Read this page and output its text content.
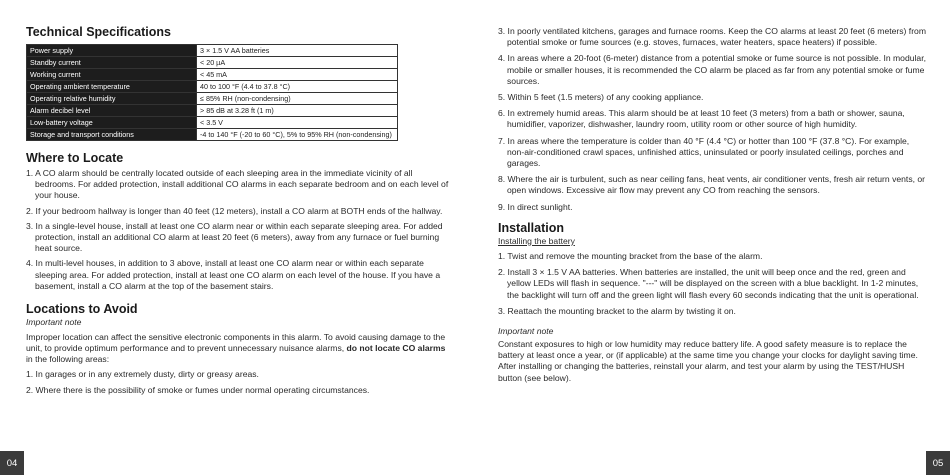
Technical Specifications
Power supply	3 × 1.5 V AA batteries
Standby current	< 20 µA
Working current	< 45 mA
Operating ambient temperature	40 to 100 °F (4.4 to 37.8 °C)
Operating relative humidity	≤ 85% RH (non-condensing)
Alarm decibel level	> 85 dB at 3.28 ft (1 m)
Low-battery voltage	< 3.5 V
Storage and transport conditions	-4 to 140 °F (-20 to 60 °C), 5% to 95% RH (non-condensing)
Where to Locate

1. A CO alarm should be centrally located outside of each sleeping area in the immediate vicinity of all bedrooms. For added protection, install additional CO alarms in each separate bedroom and on each level of your house.

2. If your bedroom hallway is longer than 40 feet (12 meters), install a CO alarm at BOTH ends of the hallway.

3. In a single-level house, install at least one CO alarm near or within each separate sleeping area. For added protection, install an additional CO alarm at least 20 feet (6 meters), away from any furnace or fuel burning heat source.

4. In multi-level houses, in addition to 3 above, install at least one CO alarm near or within each separate sleeping area. For added protection, install at least one CO alarm on each level of the house. If you have a basement, install a CO alarm at the top of the basement stairs.

Locations to Avoid

Important note

Improper location can affect the sensitive electronic components in this alarm. To avoid causing damage to the unit, to provide optimum performance and to prevent unnecessary nuisance alarms, do not locate CO alarms in the following areas:

1. In garages or in any extremely dusty, dirty or greasy areas.

2. Where there is the possibility of smoke or fumes under normal operating circumstances.

3. In poorly ventilated kitchens, garages and furnace rooms. Keep the CO alarms at least 20 feet (6 meters) from potential smoke or fume sources (e.g. stoves, furnaces, water heaters, space heaters) if possible.

4. In areas where a 20-foot (6-meter) distance from a potential smoke or fume source is not possible. In modular, mobile or smaller houses, it is recommended the CO alarm be placed as far from any potential smoke or fume sources.

5. Within 5 feet (1.5 meters) of any cooking appliance.

6. In extremely humid areas. This alarm should be at least 10 feet (3 meters) from a bath or shower, sauna, humidifier, vaporizer, dishwasher, laundry room, utility room or other source of high humidity.

7. In areas where the temperature is colder than 40 °F (4.4 °C) or hotter than 100 °F (37.8 °C). For example, non-air-conditioned crawl spaces, unfinished attics, uninsulated or poorly insulated ceilings, porches and garages.

8. Where the air is turbulent, such as near ceiling fans, heat vents, air conditioner vents, fresh air return vents, or open windows. Excessive air flow may prevent any CO from reaching the sensors.

9. In direct sunlight.

Installation

Installing the battery

1. Twist and remove the mounting bracket from the base of the alarm.

2. Install 3 × 1.5 V AA batteries. When batteries are installed, the unit will beep once and the red, green and yellow LEDs will flash in sequence. "---" will be displayed on the screen with a blue backlight. In 1-2 minutes, the backlight will turn off and the green light will flash every 60 seconds indicating that the unit is operational.

3. Reattach the mounting bracket to the alarm by twisting it on.

Important note

Constant exposures to high or low humidity may reduce battery life. A good safety measure is to replace the battery at least once a year, or (if applicable) at the same time you change your clocks for daylight saving time. After installing or changing the batteries, reinstall your alarm, and test your alarm by using the TEST/HUSH button (see below).

04	05
